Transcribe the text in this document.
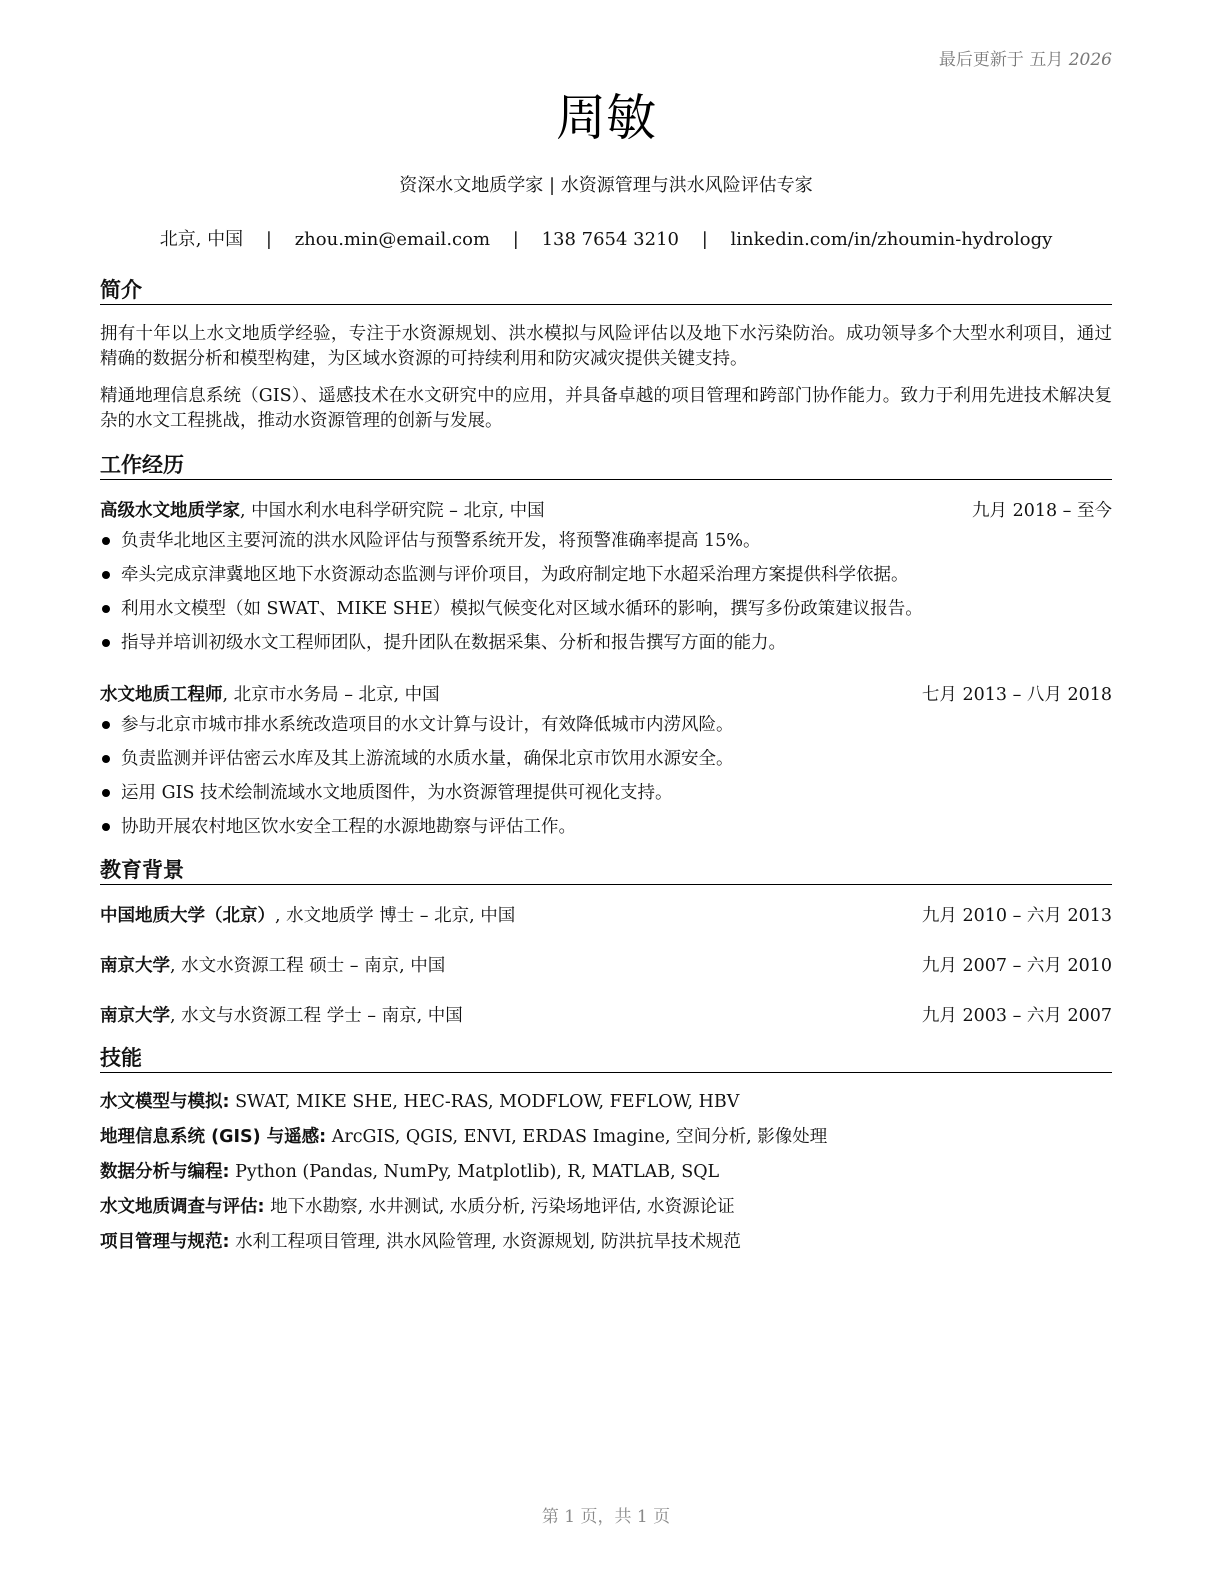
最后更新于 五月 2026
周敏
资深水文地质学家 | 水资源管理与洪水风险评估专家
北京, 中国 | zhou.min@email.com | 138 7654 3210 | linkedin.com/in/zhoumin-hydrology
简介
拥有十年以上水文地质学经验，专注于水资源规划、洪水模拟与风险评估以及地下水污染防治。成功领导多个大型水利项目，通过精确的数据分析和模型构建，为区域水资源的可持续利用和防灾减灾提供关键支持。
精通地理信息系统（GIS）、遥感技术在水文研究中的应用，并具备卓越的项目管理和跨部门协作能力。致力于利用先进技术解决复杂的水文工程挑战，推动水资源管理的创新与发展。
工作经历
高级水文地质学家, 中国水利水电科学研究院 – 北京, 中国	九月 2018 – 至今
负责华北地区主要河流的洪水风险评估与预警系统开发，将预警准确率提高 15%。
牵头完成京津冀地区地下水资源动态监测与评价项目，为政府制定地下水超采治理方案提供科学依据。
利用水文模型（如 SWAT、MIKE SHE）模拟气候变化对区域水循环的影响，撰写多份政策建议报告。
指导并培训初级水文工程师团队，提升团队在数据采集、分析和报告撰写方面的能力。
水文地质工程师, 北京市水务局 – 北京, 中国	七月 2013 – 八月 2018
参与北京市城市排水系统改造项目的水文计算与设计，有效降低城市内涝风险。
负责监测并评估密云水库及其上游流域的水质水量，确保北京市饮用水源安全。
运用 GIS 技术绘制流域水文地质图件，为水资源管理提供可视化支持。
协助开展农村地区饮水安全工程的水源地勘察与评估工作。
教育背景
中国地质大学（北京）, 水文地质学 博士 – 北京, 中国	九月 2010 – 六月 2013
南京大学, 水文水资源工程 硕士 – 南京, 中国	九月 2007 – 六月 2010
南京大学, 水文与水资源工程 学士 – 南京, 中国	九月 2003 – 六月 2007
技能
水文模型与模拟: SWAT, MIKE SHE, HEC-RAS, MODFLOW, FEFLOW, HBV
地理信息系统 (GIS) 与遥感: ArcGIS, QGIS, ENVI, ERDAS Imagine, 空间分析, 影像处理
数据分析与编程: Python (Pandas, NumPy, Matplotlib), R, MATLAB, SQL
水文地质调查与评估: 地下水勘察, 水井测试, 水质分析, 污染场地评估, 水资源论证
项目管理与规范: 水利工程项目管理, 洪水风险管理, 水资源规划, 防洪抗旱技术规范
第 1 页，共 1 页
